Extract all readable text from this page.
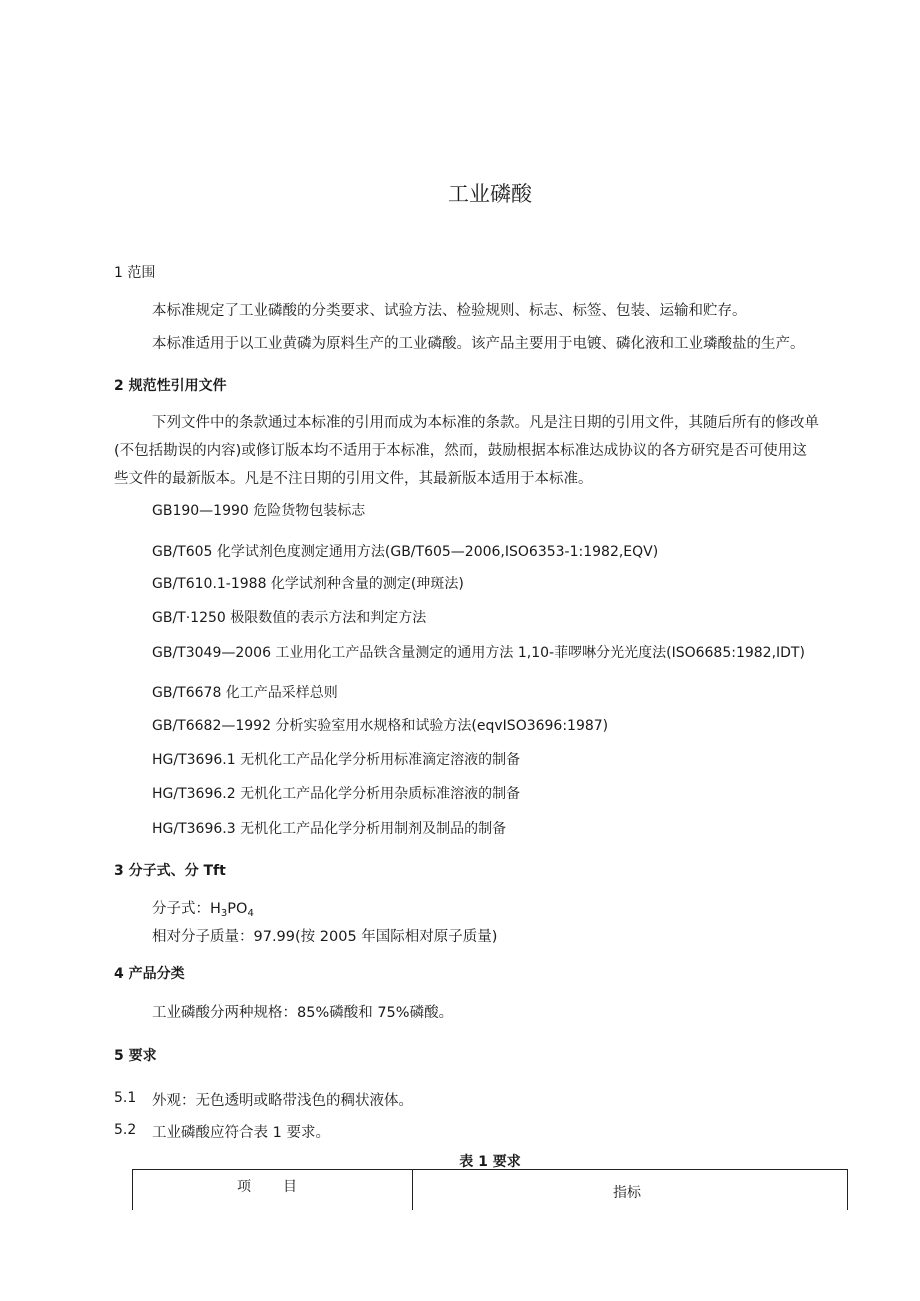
工业磷酸
1 范围
本标准规定了工业磷酸的分类要求、试验方法、检验规则、标志、标签、包装、运输和贮存。
本标准适用于以工业黄磷为原料生产的工业磷酸。该产品主要用于电镀、磷化液和工业璘酸盐的生产。
2 规范性引用文件
下列文件中的条款通过本标准的引用而成为本标准的条款。凡是注日期的引用文件，其随后所有的修改单
(不包括勘误的内容)或修订版本均不适用于本标准，然而，鼓励根据本标准达成协议的各方研究是否可使用这
些文件的最新版本。凡是不注日期的引用文件，其最新版本适用于本标准。
GB190—1990 危险货物包装标志
GB/T605 化学试剂色度测定通用方法(GB/T605—2006,ISO6353-1:1982,EQV)
GB/T610.1-1988 化学试剂种含量的测定(珅斑法)
GB/T·1250 极限数值的表示方法和判定方法
GB/T3049—2006 工业用化工产品铁含量测定的通用方法 1,10-菲啰啉分光光度法(ISO6685:1982,IDT)
GB/T6678 化工产品采样总则
GB/T6682—1992 分析实验室用水规格和试验方法(eqvISO3696:1987)
HG/T3696.1 无机化工产品化学分析用标准滴定溶液的制备
HG/T3696.2 无机化工产品化学分析用杂质标准溶液的制备
HG/T3696.3 无机化工产品化学分析用制剂及制品的制备
3 分子式、分 Tft
分子式：$H_3PO_4$
相对分子质量：97.99(按 2005 年国际相对原子质量)
4 产品分类
工业磷酸分两种规格：85%磷酸和 75%磷酸。
5 要求
5.1 外观：无色透明或略带浅色的稠状液体。
5.2 工业磷酸应符合表 1 要求。
表 1 要求
项目	指标
